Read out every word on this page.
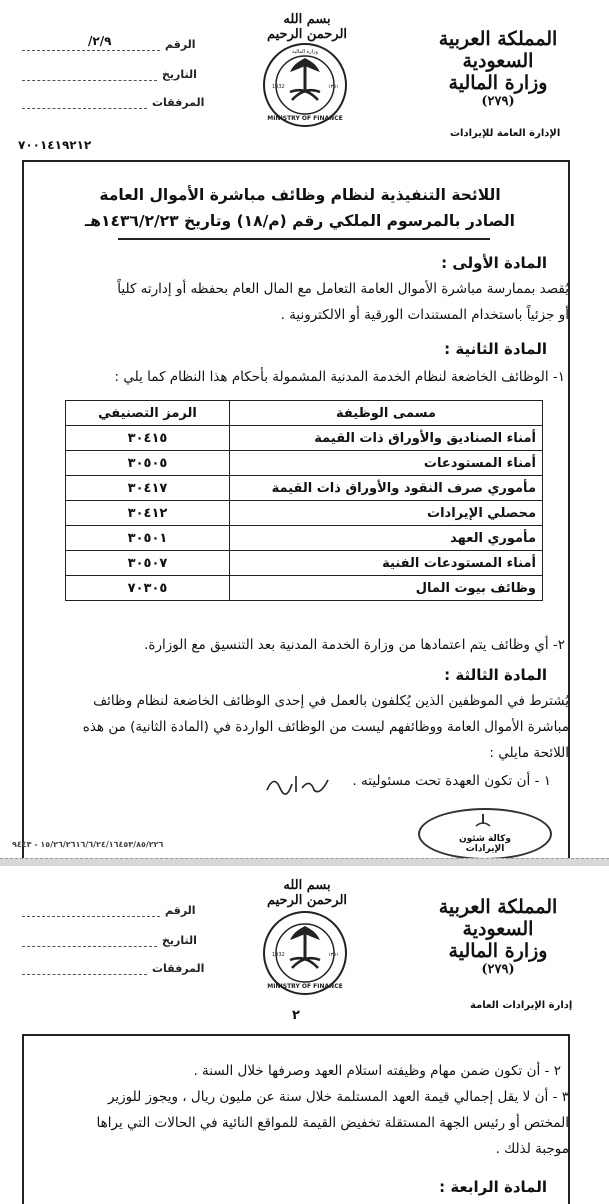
الرقم
/٢/٩
التاريخ
المرفقات
٧٠٠١٤١٩٢١٢
بسم الله الرحمن الرحيم
MINISTRY OF FINANCE
1932	١٣٥١
وزارة المالية
المملكة العربية السعودية
وزارة المالية
(٢٧٩)
الإدارة العامة للإيرادات
اللائحة التنفيذية لنظام وظائف مباشرة الأموال العامة
الصادر بالمرسوم الملكي رقم (م/١٨) وتاريخ ١٤٣٦/٢/٢٣هـ
المادة الأولى :
يُقصد بممارسة مباشرة الأموال العامة التعامل مع المال العام بحفظه أو إدارته كلياً
أو جزئياً باستخدام المستندات الورقية أو الالكترونية .
المادة الثانية :
١- الوظائف الخاضعة لنظام الخدمة المدنية المشمولة بأحكام هذا النظام كما يلي :
مسمى الوظيفة	الرمز التصنيفي
أمناء الصناديق والأوراق ذات القيمة	٣٠٤١٥
أمناء المستودعات	٣٠٥٠٥
مأموري صرف النقود والأوراق ذات القيمة	٣٠٤١٧
محصلي الإيرادات	٣٠٤١٢
مأموري العهد	٣٠٥٠١
أمناء المستودعات الفنية	٣٠٥٠٧
وظائف بيوت المال	٧٠٣٠٥
٢- أي وظائف يتم اعتمادها من وزارة الخدمة المدنية بعد التنسيق مع الوزارة.
المادة الثالثة :
يُشترط في الموظفين الذين يُكلفون بالعمل في إحدى الوظائف الخاضعة لنظام وظائف
مباشرة الأموال العامة ووظائفهم ليست من الوظائف الواردة في (المادة الثانية) من هذه
اللائحة مايلي :
١ - أن تكون العهدة تحت مسئوليته .
وكالة شئون الإيرادات
١٥/٢٦/٢٦١٦/٦/٢٤/١٦٤٥٣/٨٥/٢٢٦ - ٩٤٤٣
الرقم
التاريخ
المرفقات
بسم الله الرحمن الرحيم
MINISTRY OF FINANCE
1932	١٣٥١
المملكة العربية السعودية
وزارة المالية
(٢٧٩)
إدارة الإيرادات العامة
٢
٢ - أن تكون ضمن مهام وظيفته استلام العهد وصرفها خلال السنة .
٣ - أن لا يقل إجمالي قيمة العهد المستلمة خلال سنة عن مليون ريال ، ويجوز للوزير
المختص أو رئيس الجهة المستقلة تخفيض القيمة للمواقع النائية في الحالات التي يراها
موجبة لذلك .
المادة الرابعة :
